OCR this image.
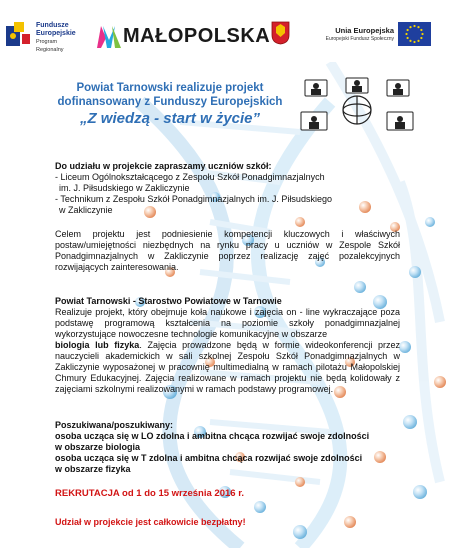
Fundusze
Europejskie
Program Regionalny
MAŁOPOLSKA	Unia Europejska
Europejski Fundusz Społeczny
Powiat Tarnowski realizuje projekt
dofinansowany z Funduszy Europejskich
„Z wiedzą - start w życie”
Do udziału w projekcie zapraszamy uczniów szkół:
- Liceum Ogólnokształcącego z Zespołu Szkół Ponadgimnazjalnych
im. J. Piłsudskiego w Zakliczynie
- Technikum z Zespołu Szkół Ponadgimnazjalnych im. J. Piłsudskiego
w Zakliczynie
Celem projektu jest podniesienie kompetencji kluczowych i właściwych postaw/umiejętności niezbędnych na rynku pracy u uczniów w Zespole Szkół Ponadgimnazjalnych w Zakliczynie poprzez realizację zajęć pozalekcyjnych rozwijających zainteresowania.
Powiat Tarnowski - Starostwo Powiatowe w Tarnowie
Realizuje projekt, który obejmuje koła naukowe i zajęcia on - line wykraczające poza podstawę programową kształcenia na poziomie szkoły ponadgimnazjalnej wykorzystujące nowoczesne technologie komunikacyjne w obszarze
biologia lub fizyka. Zajęcia prowadzone będą w formie wideokonferencji przez nauczycieli akademickich w sali szkolnej Zespołu Szkół Ponadgimnazjalnych w Zakliczynie wyposażonej w pracownię multimedialną w ramach pilotażu Małopolskiej Chmury Edukacyjnej. Zajęcia realizowane w ramach projektu nie będą kolidowały z zajęciami szkolnymi realizowanymi w ramach podstawy programowej.
Poszukiwana/poszukiwany:
osoba ucząca się w LO zdolna i ambitna chcąca rozwijać swoje zdolności
w obszarze biologia
osoba ucząca się w T zdolna i ambitna chcąca rozwijać swoje zdolności
w obszarze fizyka
REKRUTACJA od 1 do 15 września 2016 r.
Udział w projekcie jest całkowicie bezpłatny!
